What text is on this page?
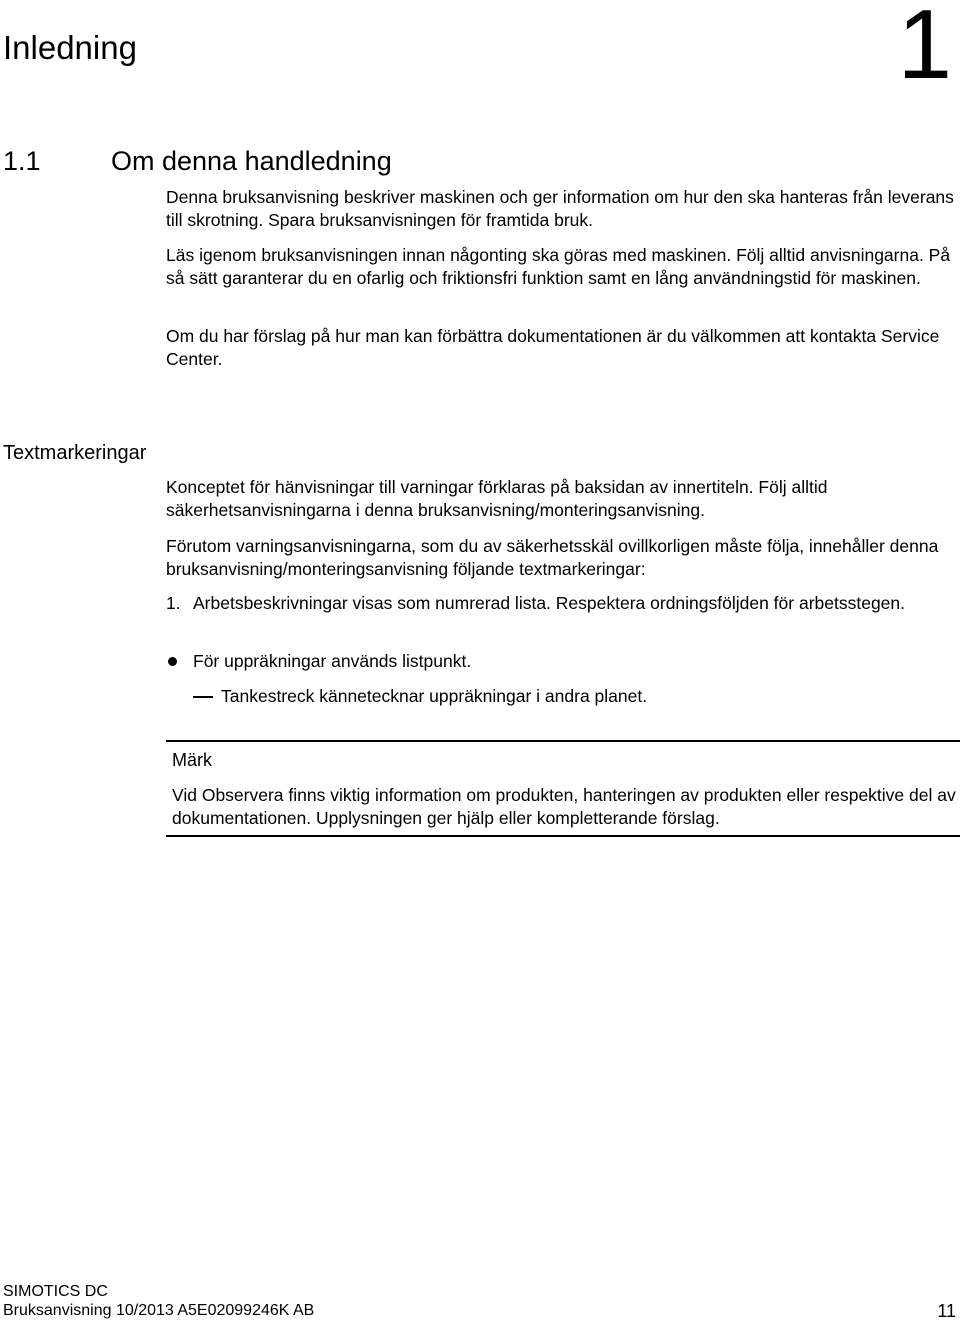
Inledning	1
1.1	Om denna handledning

Denna bruksanvisning beskriver maskinen och ger information om hur den ska hanteras från leverans till skrotning. Spara bruksanvisningen för framtida bruk.

Läs igenom bruksanvisningen innan någonting ska göras med maskinen. Följ alltid anvisningarna. På så sätt garanterar du en ofarlig och friktionsfri funktion samt en lång användningstid för maskinen.

Om du har förslag på hur man kan förbättra dokumentationen är du välkommen att kontakta Service Center.

Textmarkeringar

Konceptet för hänvisningar till varningar förklaras på baksidan av innertiteln. Följ alltid säkerhetsanvisningarna i denna bruksanvisning/monteringsanvisning.

Förutom varningsanvisningarna, som du av säkerhetsskäl ovillkorligen måste följa, innehåller denna bruksanvisning/monteringsanvisning följande textmarkeringar:

1. Arbetsbeskrivningar visas som numrerad lista. Respektera ordningsföljden för arbetsstegen.
För uppräkningar används listpunkt.
Tankestreck kännetecknar uppräkningar i andra planet.
Märk
Vid Observera finns viktig information om produkten, hanteringen av produkten eller respektive del av dokumentationen. Upplysningen ger hjälp eller kompletterande förslag.
SIMOTICS DC
Bruksanvisning 10/2013 A5E02099246K AB	11
